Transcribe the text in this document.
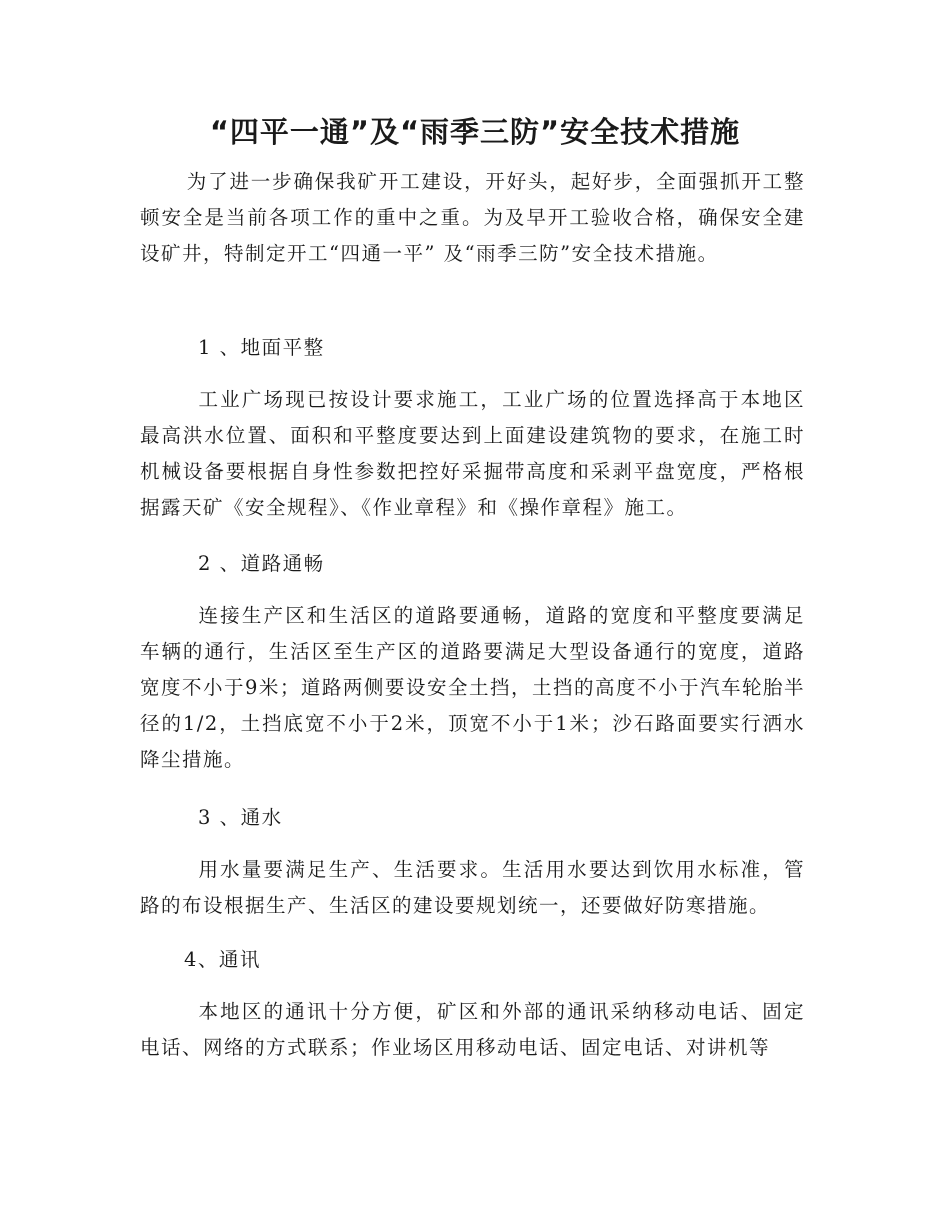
“四平一通”及“雨季三防”安全技术措施
为了进一步确保我矿开工建设，开好头，起好步，全面强抓开工整顿安全是当前各项工作的重中之重。为及早开工验收合格，确保安全建设矿井，特制定开工“四通一平” 及“雨季三防”安全技术措施。
1 、地面平整
工业广场现已按设计要求施工，工业广场的位置选择高于本地区最高洪水位置、面积和平整度要达到上面建设建筑物的要求，在施工时机械设备要根据自身性参数把控好采掘带高度和采剥平盘宽度，严格根据露天矿《安全规程》、《作业章程》和《操作章程》施工。
2 、道路通畅
连接生产区和生活区的道路要通畅，道路的宽度和平整度要满足车辆的通行，生活区至生产区的道路要满足大型设备通行的宽度，道路宽度不小于9米；道路两侧要设安全土挡，土挡的高度不小于汽车轮胎半径的1/2，土挡底宽不小于2米，顶宽不小于1米；沙石路面要实行洒水降尘措施。
3 、通水
用水量要满足生产、生活要求。生活用水要达到饮用水标准，管路的布设根据生产、生活区的建设要规划统一，还要做好防寒措施。
4、通讯
本地区的通讯十分方便，矿区和外部的通讯采纳移动电话、固定电话、网络的方式联系；作业场区用移动电话、固定电话、对讲机等
